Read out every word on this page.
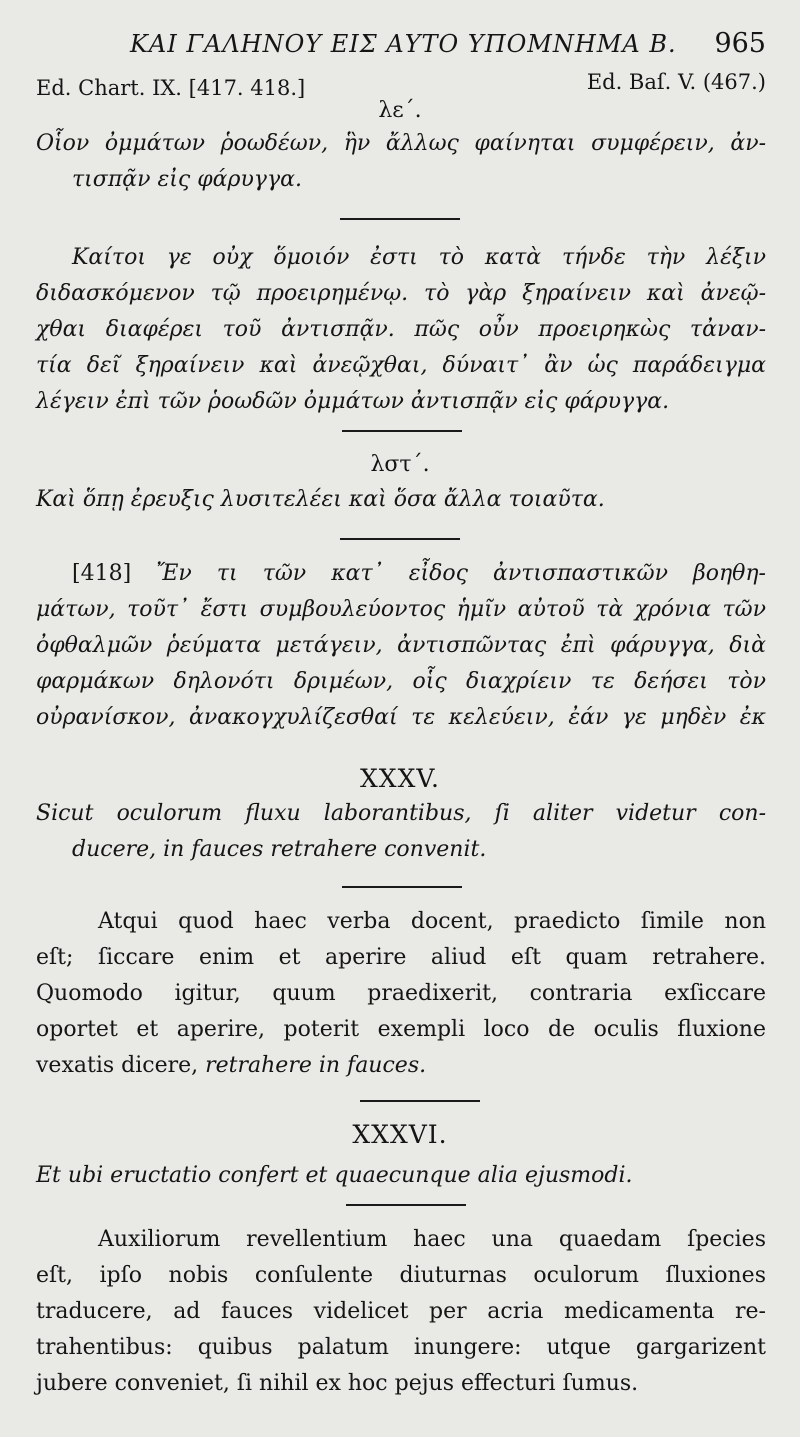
ΚΑΙ ΓΑΛΗΝΟΥ ΕΙΣ ΑΥΤΟ ΥΠΟΜΝΗΜΑ Β. 965
Ed. Chart. IX. [417. 418.]	Ed. Baſ. V. (467.)
λε΄.
Οἷον ὀμμάτων ῥοωδέων, ἣν ἄλλως φαίνηται συμφέρειν, ἀν-
τισπᾷν εἰς φάρυγγα.
Καίτοι γε οὐχ ὅμοιόν ἐστι τὸ κατὰ τήνδε τὴν λέξιν
διδασκόμενον τῷ προειρημένῳ. τὸ γὰρ ξηραίνειν καὶ ἀνεῷ-
χθαι διαφέρει τοῦ ἀντισπᾷν. πῶς οὖν προειρηκὼς τἀναν-
τία δεῖ ξηραίνειν καὶ ἀνεῷχθαι, δύναιτ᾽ ἂν ὡς παράδειγμα
λέγειν ἐπὶ τῶν ῥοωδῶν ὀμμάτων ἀντισπᾷν εἰς φάρυγγα.
λστ΄.
Καὶ ὅπῃ ἐρευξις λυσιτελέει καὶ ὅσα ἄλλα τοιαῦτα.
[418] Ἔν τι τῶν κατ᾽ εἶδος ἀντισπαστικῶν βοηθη-
μάτων, τοῦτ᾽ ἔστι συμβουλεύοντος ἡμῖν αὐτοῦ τὰ χρόνια τῶν
ὀφθαλμῶν ῥεύματα μετάγειν, ἀντισπῶντας ἐπὶ φάρυγγα, διὰ
φαρμάκων δηλονότι δριμέων, οἷς διαχρίειν τε δεήσει τὸν
οὐρανίσκον, ἀνακογχυλίζεσθαί τε κελεύειν, ἐάν γε μηδὲν ἐκ
XXXV.
Sicut oculorum fluxu laborantibus, ſi aliter videtur con-
ducere, in fauces retrahere convenit.
Atqui quod haec verba docent, praedicto ſimile non
eſt; ſiccare enim et aperire aliud eſt quam retrahere.
Quomodo igitur, quum praedixerit, contraria exſiccare
oportet et aperire, poterit exempli loco de oculis fluxione
vexatis dicere, retrahere in fauces.
XXXVI.
Et ubi eructatio confert et quaecunque alia ejusmodi.
Auxiliorum revellentium haec una quaedam ſpecies
eſt, ipſo nobis conſulente diuturnas oculorum ſluxiones
traducere, ad fauces videlicet per acria medicamenta re-
trahentibus: quibus palatum inungere: utque gargarizent
jubere conveniet, ſi nihil ex hoc pejus effecturi ſumus.
